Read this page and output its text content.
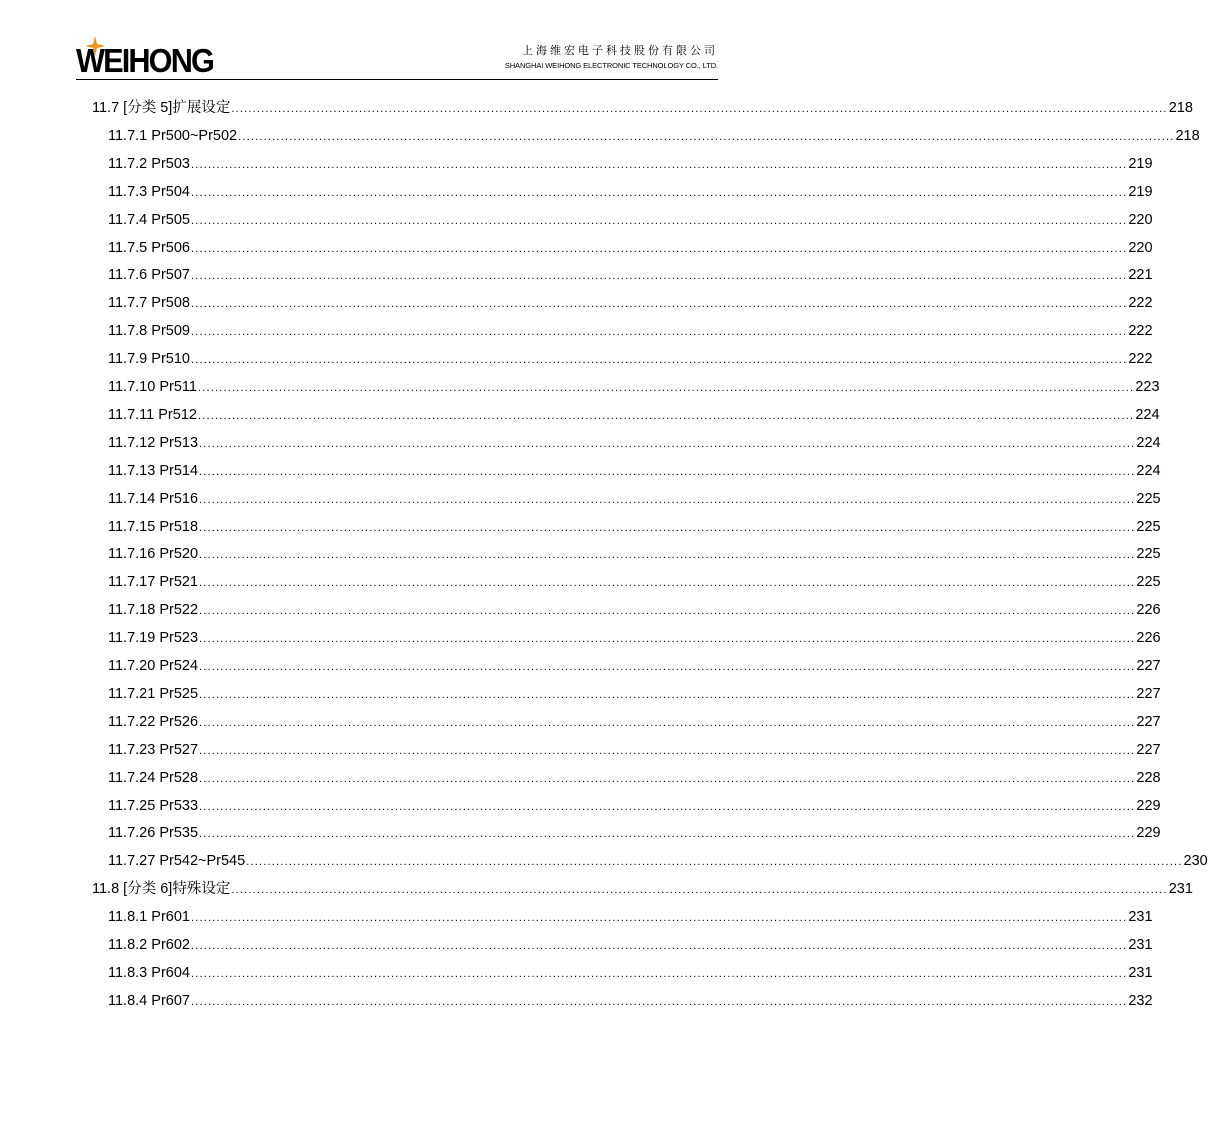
WEIHONG	上海维宏电子科技股份有限公司
SHANGHAI WEIHONG ELECTRONIC TECHNOLOGY CO., LTD.
11.7 [分类 5]扩展设定 ............................................................................................................................................................................................................................ 218
11.7.1 Pr500~Pr502 ............................................................................................................................................................................................................................ 218
11.7.2 Pr503 ............................................................................................................................................................................................................................ 219
11.7.3 Pr504 ............................................................................................................................................................................................................................ 219
11.7.4 Pr505 ............................................................................................................................................................................................................................ 220
11.7.5 Pr506 ............................................................................................................................................................................................................................ 220
11.7.6 Pr507 ............................................................................................................................................................................................................................ 221
11.7.7 Pr508 ............................................................................................................................................................................................................................ 222
11.7.8 Pr509 ............................................................................................................................................................................................................................ 222
11.7.9 Pr510 ............................................................................................................................................................................................................................ 222
11.7.10 Pr511 ............................................................................................................................................................................................................................ 223
11.7.11 Pr512 ............................................................................................................................................................................................................................ 224
11.7.12 Pr513 ............................................................................................................................................................................................................................ 224
11.7.13 Pr514 ............................................................................................................................................................................................................................ 224
11.7.14 Pr516 ............................................................................................................................................................................................................................ 225
11.7.15 Pr518 ............................................................................................................................................................................................................................ 225
11.7.16 Pr520 ............................................................................................................................................................................................................................ 225
11.7.17 Pr521 ............................................................................................................................................................................................................................ 225
11.7.18 Pr522 ............................................................................................................................................................................................................................ 226
11.7.19 Pr523 ............................................................................................................................................................................................................................ 226
11.7.20 Pr524 ............................................................................................................................................................................................................................ 227
11.7.21 Pr525 ............................................................................................................................................................................................................................ 227
11.7.22 Pr526 ............................................................................................................................................................................................................................ 227
11.7.23 Pr527 ............................................................................................................................................................................................................................ 227
11.7.24 Pr528 ............................................................................................................................................................................................................................ 228
11.7.25 Pr533 ............................................................................................................................................................................................................................ 229
11.7.26 Pr535 ............................................................................................................................................................................................................................ 229
11.7.27 Pr542~Pr545 ............................................................................................................................................................................................................................ 230
11.8 [分类 6]特殊设定 ............................................................................................................................................................................................................................ 231
11.8.1 Pr601 ............................................................................................................................................................................................................................ 231
11.8.2 Pr602 ............................................................................................................................................................................................................................ 231
11.8.3 Pr604 ............................................................................................................................................................................................................................ 231
11.8.4 Pr607 ............................................................................................................................................................................................................................ 232
